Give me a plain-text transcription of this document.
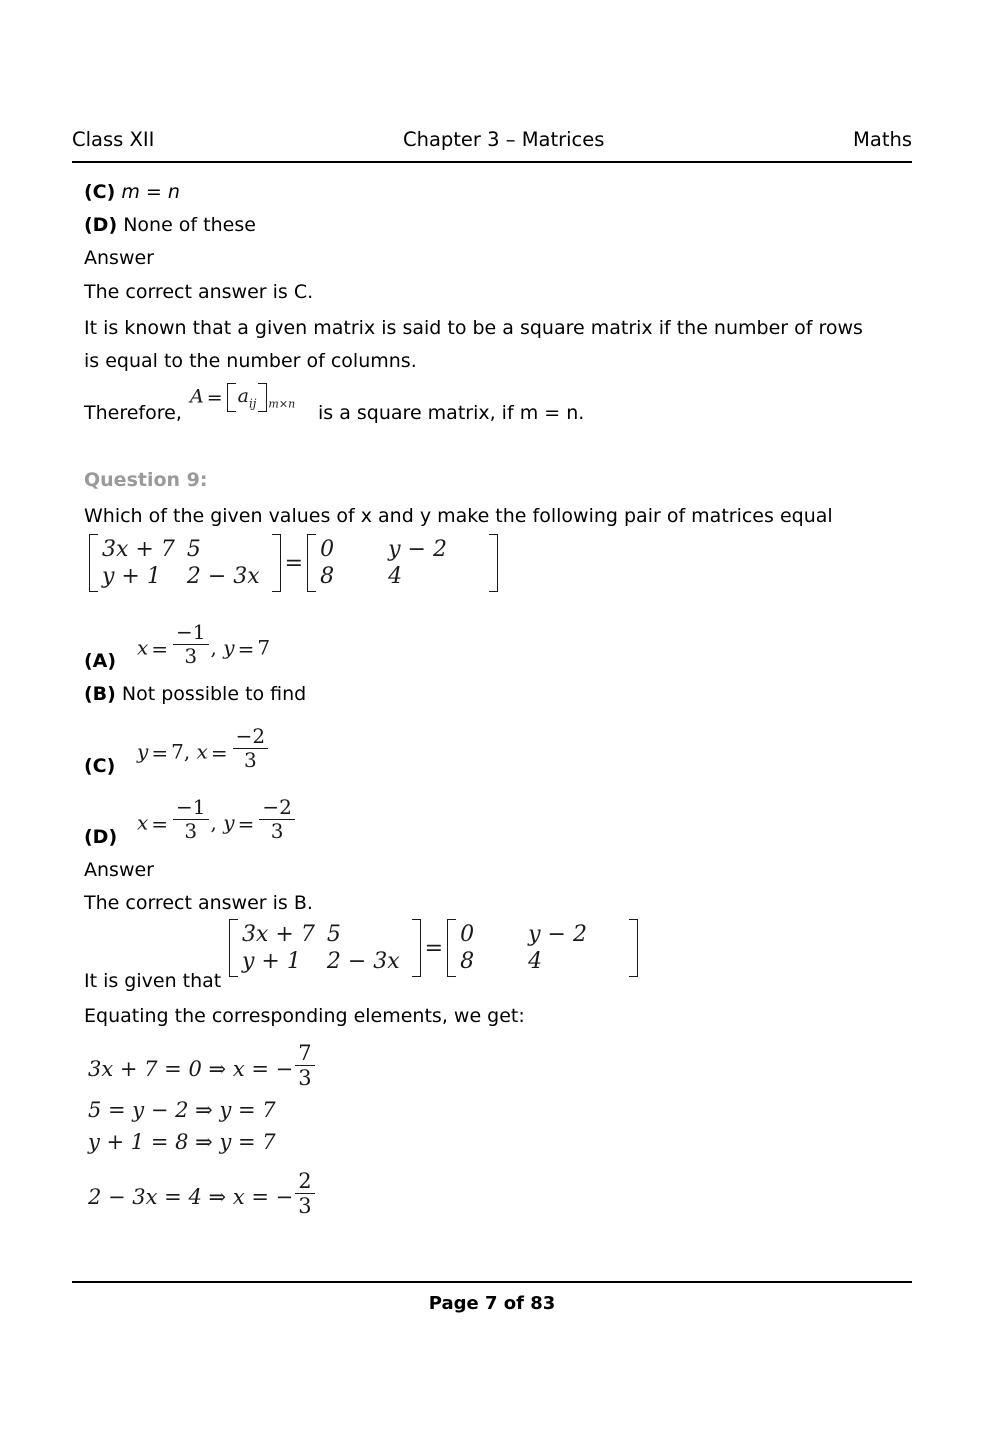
Class XII	Chapter 3 – Matrices	Maths
(C) m = n
(D) None of these
Answer
The correct answer is C.
It is known that a given matrix is said to be a square matrix if the number of rows is equal to the number of columns.
Therefore,
$A = a_{ij}$ $_{m\times n}$ is a square matrix, if m = n.
Question 9:
Which of the given values of x and y make the following pair of matrices equal
3x + 7	5
y + 1	2 − 3x
=
0	y − 2
8	4
(A)
$x = \frac{-1}{3}$ , y = 7
(B) Not possible to find
(C)
y = 7, $x = \frac{-2}{3}$
(D)
$x = \frac{-1}{3}$ , $y = \frac{-2}{3}$
Answer
The correct answer is B.
It is given that
3x + 7	5
y + 1	2 − 3x
=
0	y − 2
8	4
Equating the corresponding elements, we get:
3x + 7 = 0 ⇒ x = − $\frac{7}{3}$
5 = y − 2 ⇒ y = 7
y + 1 = 8 ⇒ y = 7
2 − 3x = 4 ⇒ x = − $\frac{2}{3}$
Page 7 of 83
